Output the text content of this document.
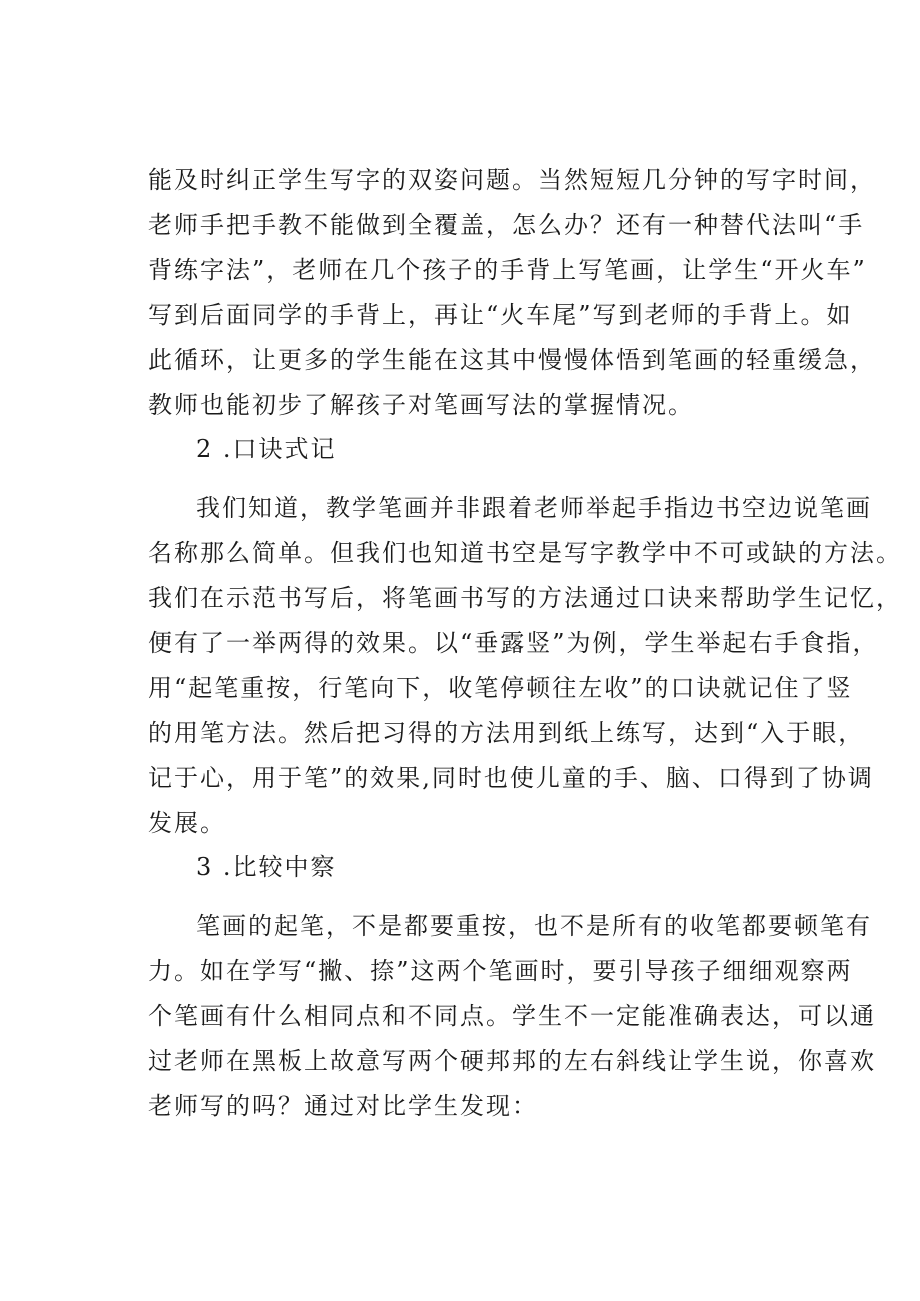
能及时纠正学生写字的双姿问题。当然短短几分钟的写字时间，
老师手把手教不能做到全覆盖，怎么办？还有一种替代法叫“手
背练字法”，老师在几个孩子的手背上写笔画，让学生“开火车”
写到后面同学的手背上，再让“火车尾”写到老师的手背上。如
此循环，让更多的学生能在这其中慢慢体悟到笔画的轻重缓急，
教师也能初步了解孩子对笔画写法的掌握情况。
2 .口诀式记
我们知道，教学笔画并非跟着老师举起手指边书空边说笔画
名称那么简单。但我们也知道书空是写字教学中不可或缺的方法。
我们在示范书写后，将笔画书写的方法通过口诀来帮助学生记忆，
便有了一举两得的效果。以“垂露竖”为例，学生举起右手食指，
用“起笔重按，行笔向下，收笔停顿往左收”的口诀就记住了竖
的用笔方法。然后把习得的方法用到纸上练写，达到“入于眼，
记于心，用于笔”的效果,同时也使儿童的手、脑、口得到了协调
发展。
3 .比较中察
笔画的起笔，不是都要重按，也不是所有的收笔都要顿笔有
力。如在学写“撇、捺”这两个笔画时，要引导孩子细细观察两
个笔画有什么相同点和不同点。学生不一定能准确表达，可以通
过老师在黑板上故意写两个硬邦邦的左右斜线让学生说，你喜欢
老师写的吗？通过对比学生发现：
